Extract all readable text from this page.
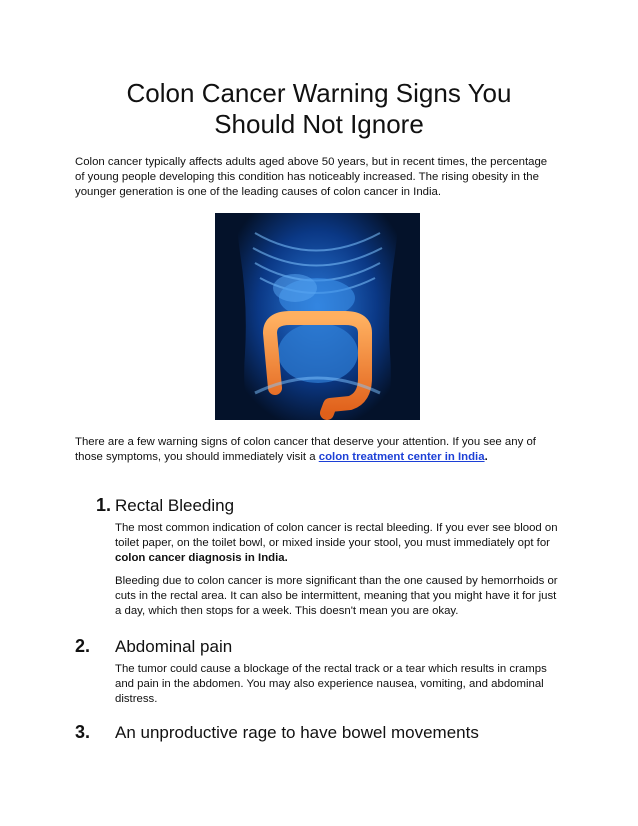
Colon Cancer Warning Signs You
Should Not Ignore

Colon cancer typically affects adults aged above 50 years, but in recent times, the percentage of young people developing this condition has noticeably increased. The rising obesity in the younger generation is one of the leading causes of colon cancer in India.

There are a few warning signs of colon cancer that deserve your attention. If you see any of those symptoms, you should immediately visit a colon treatment center in India.

1. Rectal Bleeding

The most common indication of colon cancer is rectal bleeding. If you ever see blood on toilet paper, on the toilet bowl, or mixed inside your stool, you must immediately opt for colon cancer diagnosis in India.

Bleeding due to colon cancer is more significant than the one caused by hemorrhoids or cuts in the rectal area. It can also be intermittent, meaning that you might have it for just a day, which then stops for a week. This doesn't mean you are okay.

2. Abdominal pain

The tumor could cause a blockage of the rectal track or a tear which results in cramps and pain in the abdomen. You may also experience nausea, vomiting, and abdominal distress.

3. An unproductive rage to have bowel movements
